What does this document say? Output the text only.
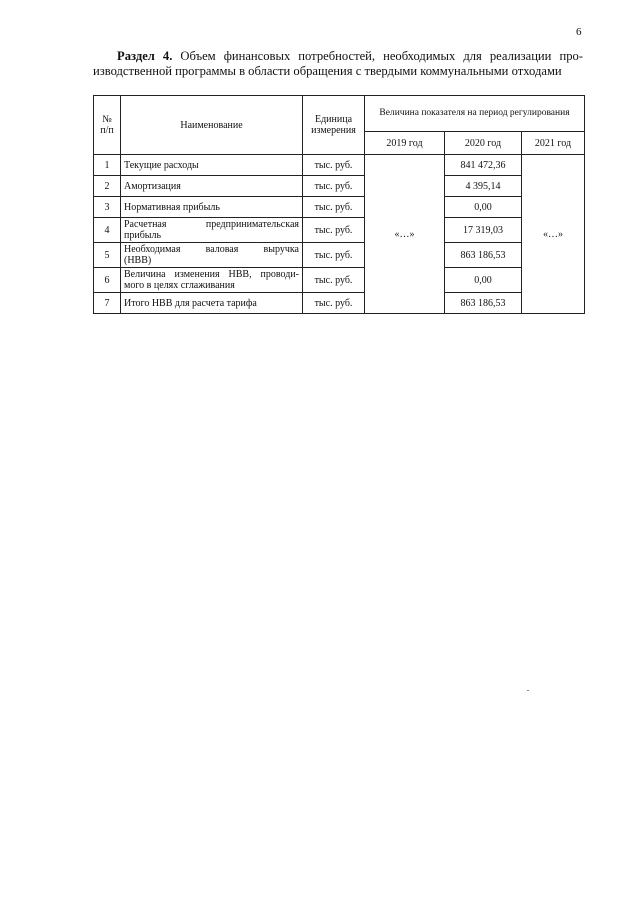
6
Раздел 4. Объем финансовых потребностей, необходимых для реализации про-
изводственной программы в области обращения с твердыми коммунальными отходами
№ п/п	Наименование	Единица измерения	Величина показателя на период регулирования		
			2019 год	2020 год	2021 год
1	Текущие расходы	тыс. руб.	«…»	841 472,36	«…»
2	Амортизация	тыс. руб.		4 395,14	
3	Нормативная прибыль	тыс. руб.		0,00	
4	Расчетная предпринимательская
прибыль	тыс. руб.		17 319,03	
5	Необходимая валовая выручка
(НВВ)	тыс. руб.		863 186,53	
6	Величина изменения НВВ, проводи-
мого в целях сглаживания	тыс. руб.		0,00	
7	Итого НВВ для расчета тарифа	тыс. руб.		863 186,53	
